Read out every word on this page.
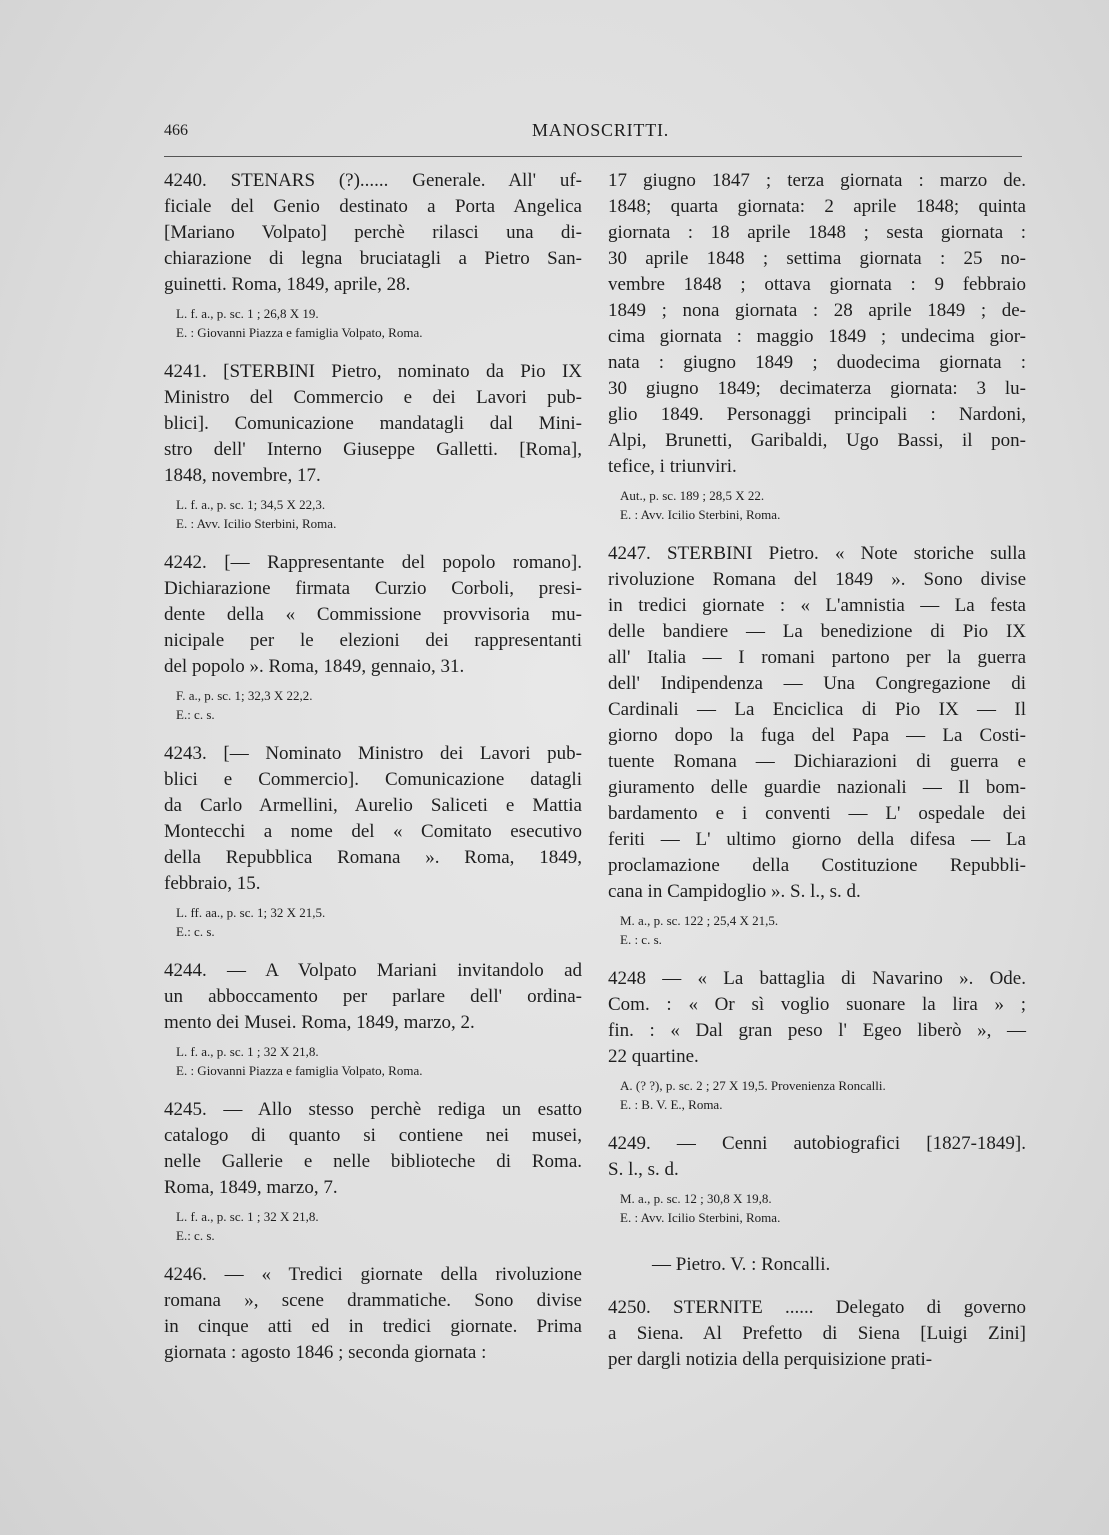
466	MANOSCRITTI.
4240. STENARS (?)...... Generale. All' uf-
ficiale del Genio destinato a Porta Angelica
[Mariano Volpato] perchè rilasci una di-
chiarazione di legna bruciatagli a Pietro San-
guinetti. Roma, 1849, aprile, 28.
L. f. a., p. sc. 1 ; 26,8 X 19.
E. : Giovanni Piazza e famiglia Volpato, Roma.
4241. [STERBINI Pietro, nominato da Pio IX
Ministro del Commercio e dei Lavori pub-
blici]. Comunicazione mandatagli dal Mini-
stro dell' Interno Giuseppe Galletti. [Roma],
1848, novembre, 17.
L. f. a., p. sc. 1; 34,5 X 22,3.
E. : Avv. Icilio Sterbini, Roma.
4242. [— Rappresentante del popolo romano].
Dichiarazione firmata Curzio Corboli, presi-
dente della « Commissione provvisoria mu-
nicipale per le elezioni dei rappresentanti
del popolo ». Roma, 1849, gennaio, 31.
F. a., p. sc. 1; 32,3 X 22,2.
E.: c. s.
4243. [— Nominato Ministro dei Lavori pub-
blici e Commercio]. Comunicazione datagli
da Carlo Armellini, Aurelio Saliceti e Mattia
Montecchi a nome del « Comitato esecutivo
della Repubblica Romana ». Roma, 1849,
febbraio, 15.
L. ff. aa., p. sc. 1; 32 X 21,5.
E.: c. s.
4244. — A Volpato Mariani invitandolo ad
un abboccamento per parlare dell' ordina-
mento dei Musei. Roma, 1849, marzo, 2.
L. f. a., p. sc. 1 ; 32 X 21,8.
E. : Giovanni Piazza e famiglia Volpato, Roma.
4245. — Allo stesso perchè rediga un esatto
catalogo di quanto si contiene nei musei,
nelle Gallerie e nelle biblioteche di Roma.
Roma, 1849, marzo, 7.
L. f. a., p. sc. 1 ; 32 X 21,8.
E.: c. s.
4246. — « Tredici giornate della rivoluzione
romana », scene drammatiche. Sono divise
in cinque atti ed in tredici giornate. Prima
giornata : agosto 1846 ; seconda giornata :
17 giugno 1847 ; terza giornata : marzo de.
1848; quarta giornata: 2 aprile 1848; quinta
giornata : 18 aprile 1848 ; sesta giornata :
30 aprile 1848 ; settima giornata : 25 no-
vembre 1848 ; ottava giornata : 9 febbraio
1849 ; nona giornata : 28 aprile 1849 ; de-
cima giornata : maggio 1849 ; undecima gior-
nata : giugno 1849 ; duodecima giornata :
30 giugno 1849; decimaterza giornata: 3 lu-
glio 1849. Personaggi principali : Nardoni,
Alpi, Brunetti, Garibaldi, Ugo Bassi, il pon-
tefice, i triunviri.
Aut., p. sc. 189 ; 28,5 X 22.
E. : Avv. Icilio Sterbini, Roma.
4247. STERBINI Pietro. « Note storiche sulla
rivoluzione Romana del 1849 ». Sono divise
in tredici giornate : « L'amnistia — La festa
delle bandiere — La benedizione di Pio IX
all' Italia — I romani partono per la guerra
dell' Indipendenza — Una Congregazione di
Cardinali — La Enciclica di Pio IX — Il
giorno dopo la fuga del Papa — La Costi-
tuente Romana — Dichiarazioni di guerra e
giuramento delle guardie nazionali — Il bom-
bardamento e i conventi — L' ospedale dei
feriti — L' ultimo giorno della difesa — La
proclamazione della Costituzione Repubbli-
cana in Campidoglio ». S. l., s. d.
M. a., p. sc. 122 ; 25,4 X 21,5.
E. : c. s.
4248 — « La battaglia di Navarino ». Ode.
Com. : « Or sì voglio suonare la lira » ;
fin. : « Dal gran peso l' Egeo liberò », —
22 quartine.
A. (? ?), p. sc. 2 ; 27 X 19,5. Provenienza Roncalli.
E. : B. V. E., Roma.
4249. — Cenni autobiografici [1827-1849].
S. l., s. d.
M. a., p. sc. 12 ; 30,8 X 19,8.
E. : Avv. Icilio Sterbini, Roma.
— Pietro. V. : Roncalli.
4250. STERNITE ...... Delegato di governo
a Siena. Al Prefetto di Siena [Luigi Zini]
per dargli notizia della perquisizione prati-
